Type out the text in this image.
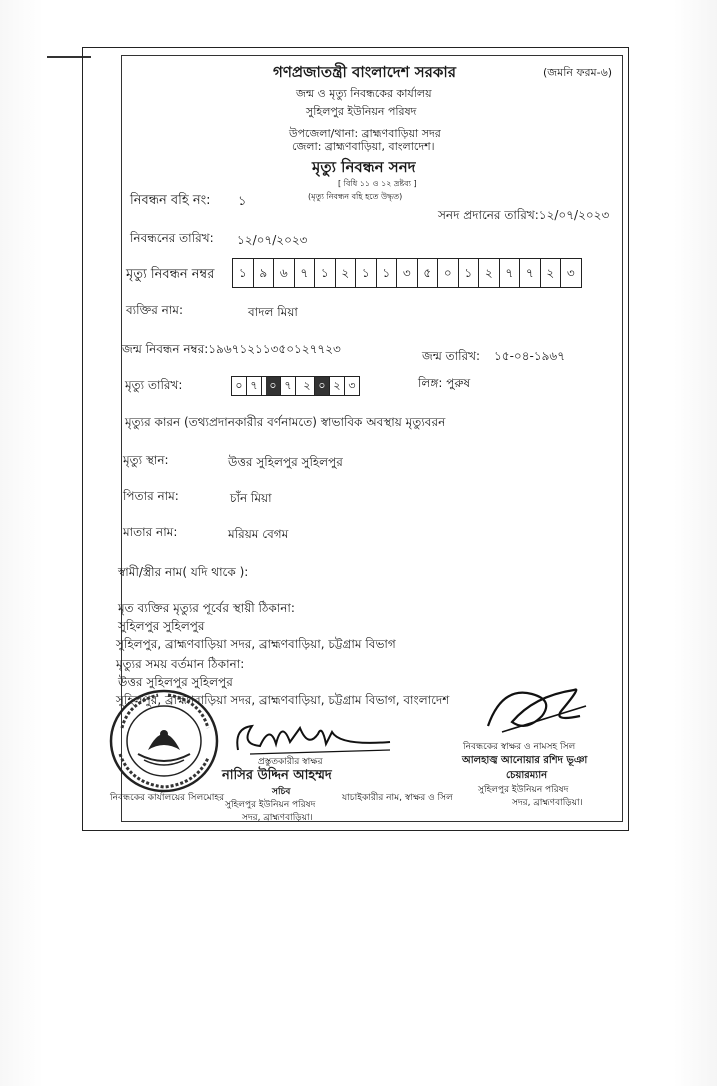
গণপ্রজাতন্ত্রী বাংলাদেশ সরকার	(জমনি ফরম-৬)
জন্ম ও মৃত্যু নিবন্ধকের কার্যালয়
সুহিলপুর ইউনিয়ন পরিষদ
উপজেলা/থানা: ব্রাহ্মণবাড়িয়া সদর
জেলা: ব্রাহ্মণবাড়িয়া, বাংলাদেশ।
মৃত্যু নিবন্ধন সনদ
[ বিধি ১১ ও ১২ দ্রষ্টব্য ]
(মৃত্যু নিবন্ধন বহি হতে উদ্ধৃত)
নিবন্ধন বহি নং: ১
সনদ প্রদানের তারিখ:১২/০৭/২০২৩
নিবন্ধনের তারিখ: ১২/০৭/২০২৩
মৃত্যু নিবন্ধন নম্বর	১	৯	৬	৭	১	২	১	১	৩	৫	০	১	২	৭	৭	২	৩
ব্যক্তির নাম:	বাদল মিয়া
জন্ম নিবন্ধন নম্বর:১৯৬৭১২১১৩৫০১২৭৭২৩	জন্ম তারিখ: ১৫-০৪-১৯৬৭
মৃত্যু তারিখ:	০ ৭	০ ৭	২ ০ ২ ৩	লিঙ্গ: পুরুষ
মৃত্যুর কারন (তথ্যপ্রদানকারীর বর্ণনামতে) স্বাভাবিক অবস্থায় মৃত্যুবরন
মৃত্যু স্থান:	উত্তর সুহিলপুর সুহিলপুর
পিতার নাম:	চাঁন মিয়া
মাতার নাম:	মরিয়ম বেগম
স্বামী/স্ত্রীর নাম( যদি থাকে ):
মৃত ব্যক্তির মৃত্যুর পূর্বের স্থায়ী ঠিকানা:
সুহিলপুর সুহিলপুর
সুহিলপুর, ব্রাহ্মণবাড়িয়া সদর, ব্রাহ্মণবাড়িয়া, চট্টগ্রাম বিভাগ
মৃত্যুর সময় বর্তমান ঠিকানা:
উত্তর সুহিলপুর সুহিলপুর
সুহিলপুর, ব্রাহ্মণবাড়িয়া সদর, ব্রাহ্মণবাড়িয়া, চট্টগ্রাম বিভাগ, বাংলাদেশ
নিবন্ধকের স্বাক্ষর ও নামসহ সিল
আলহাজ্ব আনোয়ার রশিদ ভূঞা
চেয়ারম্যান
সুহিলপুর ইউনিয়ন পরিষদ
সদর, ব্রাহ্মণবাড়িয়া।
প্রস্তুতকারীর স্বাক্ষর
নাসির উদ্দিন আহম্মদ
সচিব
সুহিলপুর ইউনিয়ন পরিষদ
সদর, ব্রাহ্মণবাড়িয়া।
নিবন্ধকের কার্যালয়ের সিলমোহর	যাচাইকারীর নাম, স্বাক্ষর ও সিল
